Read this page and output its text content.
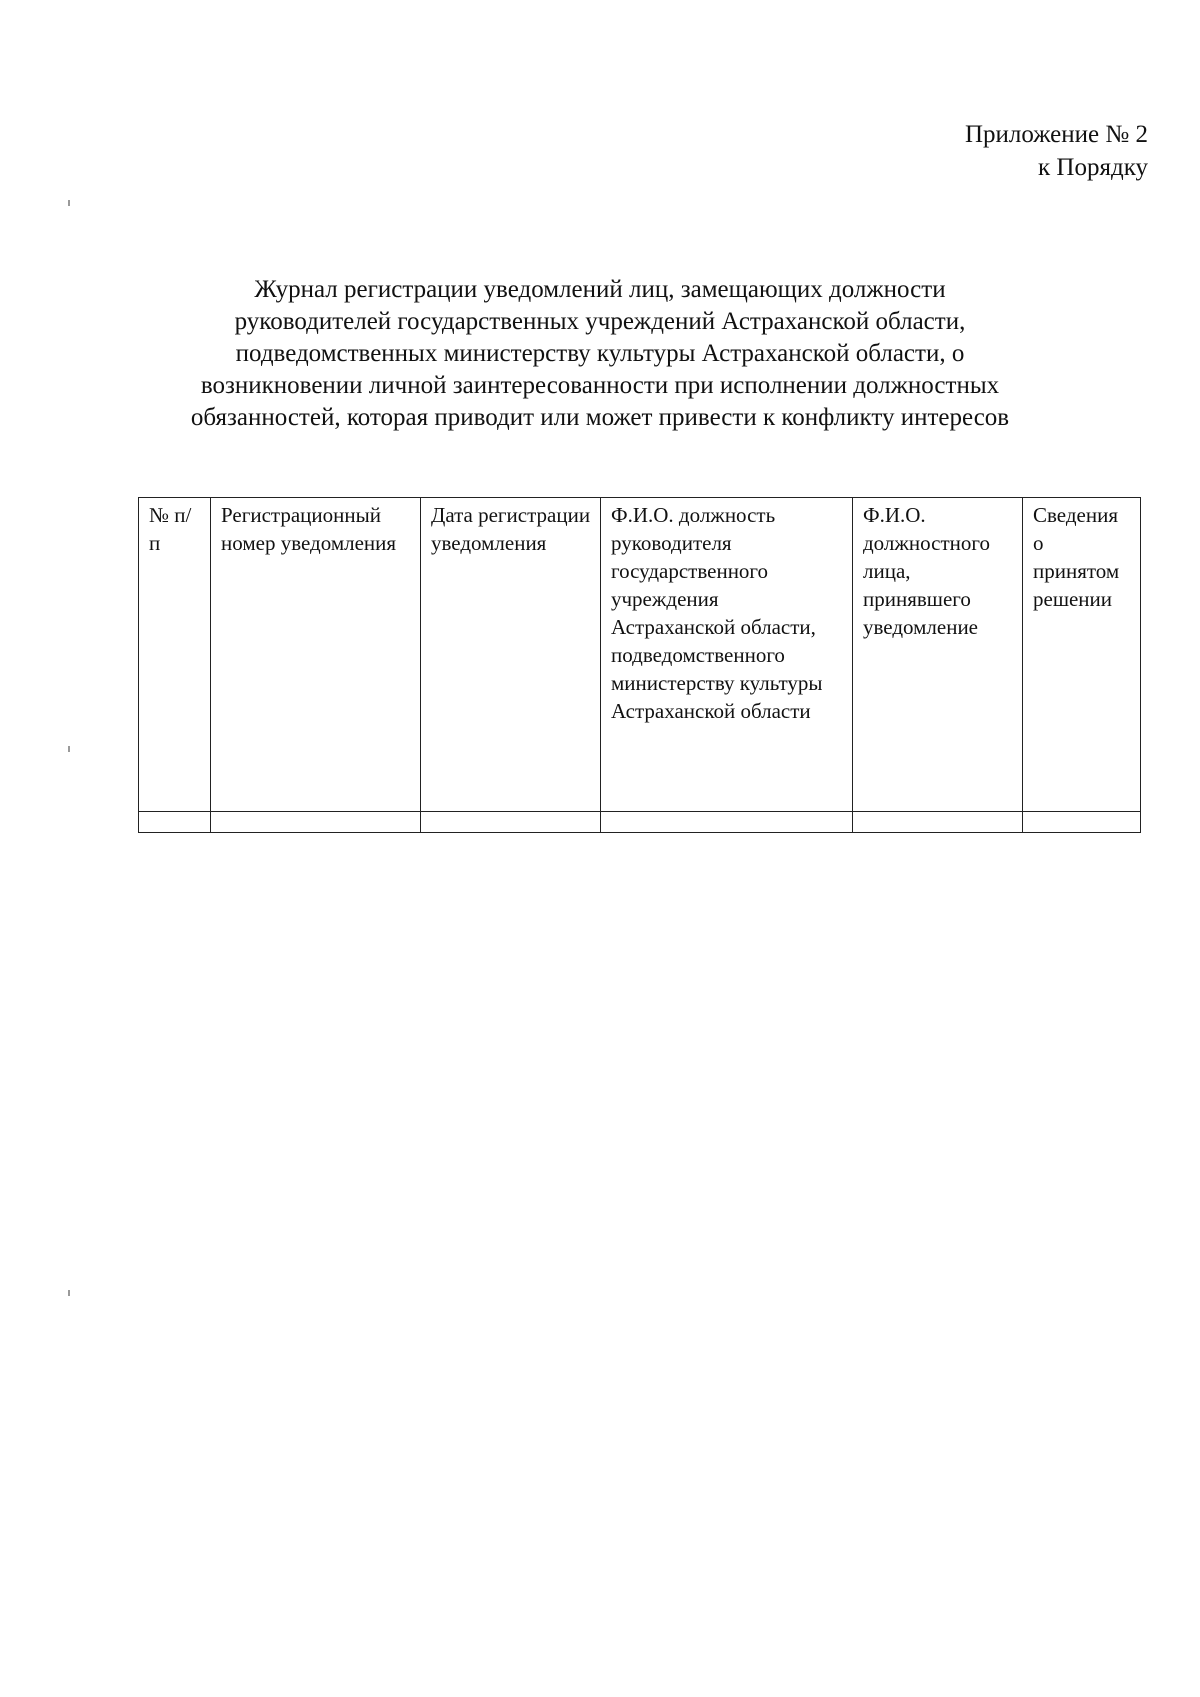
Приложение № 2
к Порядку
Журнал регистрации уведомлений лиц, замещающих должности
руководителей государственных учреждений Астраханской области,
подведомственных министерству культуры Астраханской области, о
возникновении личной заинтересованности при исполнении должностных
обязанностей, которая приводит или может привести к конфликту интересов
№ п/п	Регистрационный номер уведомления	Дата регистрации уведомления	Ф.И.О. должность руководителя государственного учреждения Астраханской области, подведомственного министерству культуры Астраханской области	Ф.И.О. должностного лица, принявшего уведомление	Сведения о принятом решении
